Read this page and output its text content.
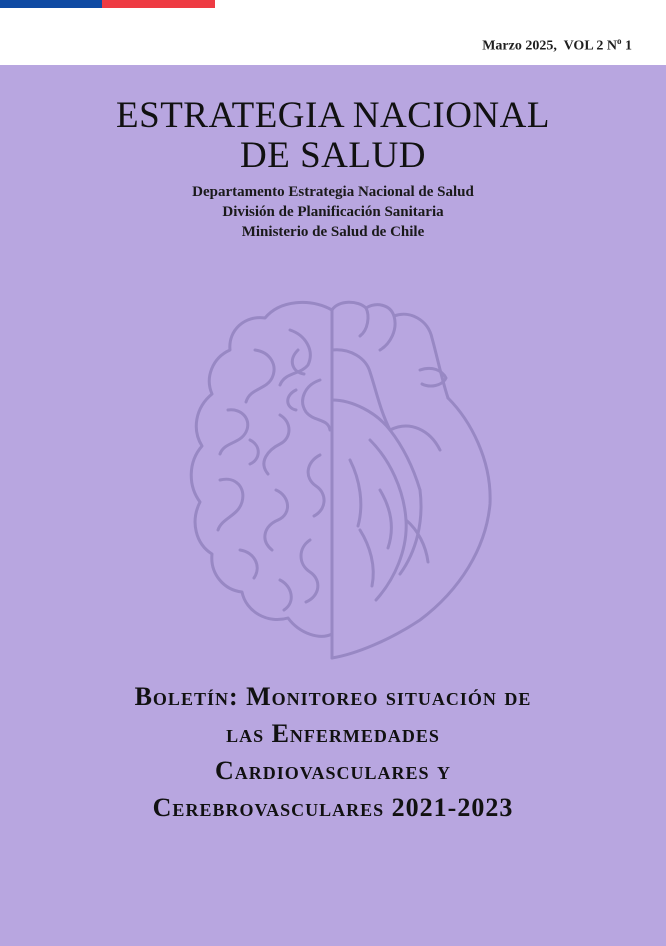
Marzo 2025, VOL 2 $N^o$ 1
ESTRATEGIA NACIONAL
DE SALUD
Departamento Estrategia Nacional de Salud
División de Planificación Sanitaria
Ministerio de Salud de Chile
Boletín: Monitoreo situación de
las Enfermedades
Cardiovasculares y
Cerebrovasculares 2021-2023
